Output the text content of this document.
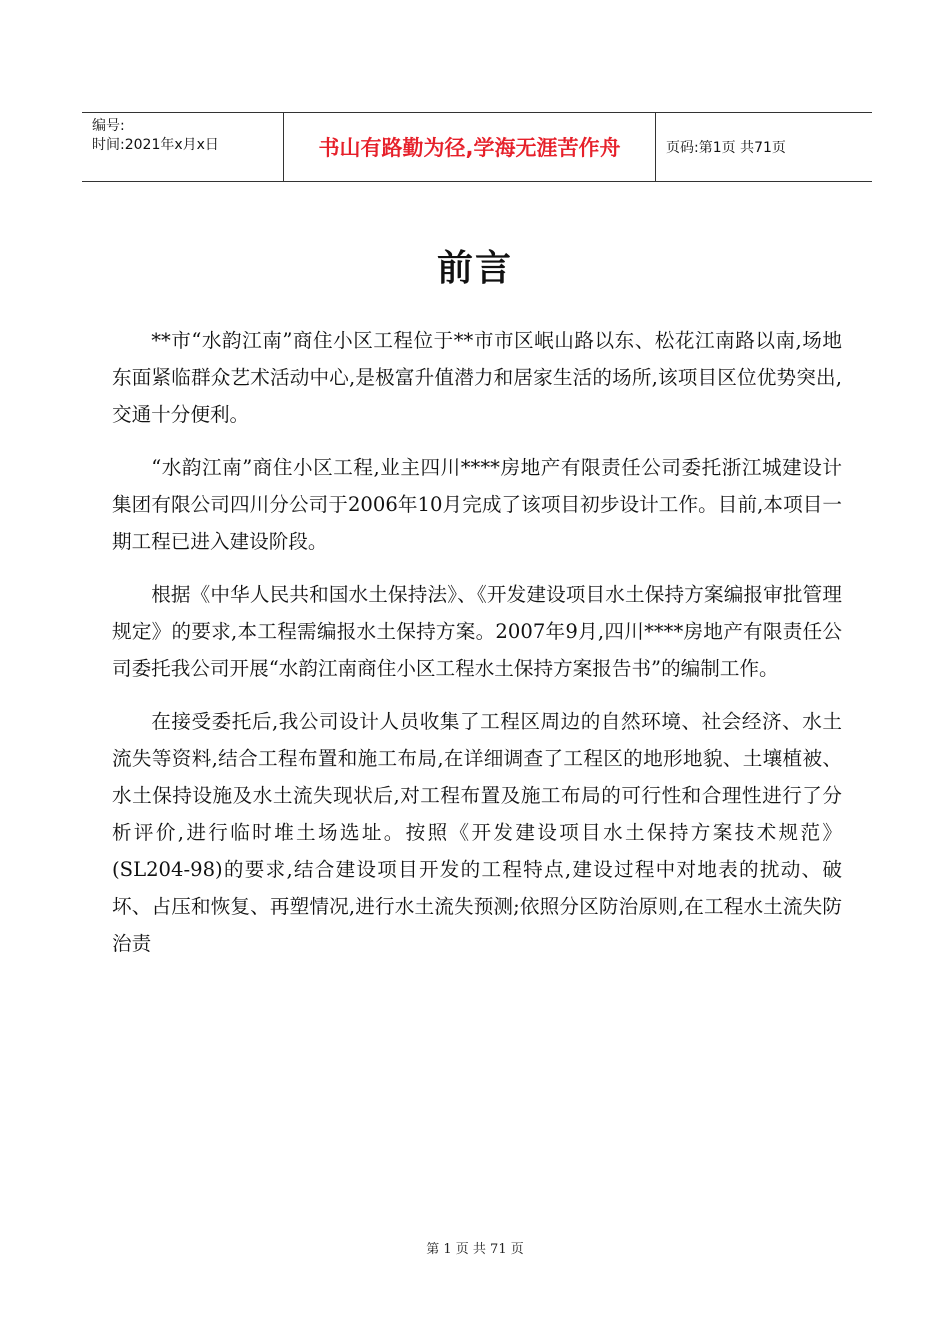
编号:
时间:2021年x月x日	书山有路勤为径,学海无涯苦作舟	页码:第1页 共71页
前言

**市“水韵江南”商住小区工程位于**市市区岷山路以东、松花江南路以南,场地东面紧临群众艺术活动中心,是极富升值潜力和居家生活的场所,该项目区位优势突出,交通十分便利。

“水韵江南”商住小区工程,业主四川****房地产有限责任公司委托浙江城建设计集团有限公司四川分公司于2006年10月完成了该项目初步设计工作。目前,本项目一期工程已进入建设阶段。

根据《中华人民共和国水土保持法》、《开发建设项目水土保持方案编报审批管理规定》的要求,本工程需编报水土保持方案。2007年9月,四川****房地产有限责任公司委托我公司开展“水韵江南商住小区工程水土保持方案报告书”的编制工作。

在接受委托后,我公司设计人员收集了工程区周边的自然环境、社会经济、水土流失等资料,结合工程布置和施工布局,在详细调查了工程区的地形地貌、土壤植被、水土保持设施及水土流失现状后,对工程布置及施工布局的可行性和合理性进行了分析评价,进行临时堆土场选址。按照《开发建设项目水土保持方案技术规范》(SL204-98)的要求,结合建设项目开发的工程特点,建设过程中对地表的扰动、破坏、占压和恢复、再塑情况,进行水土流失预测;依照分区防治原则,在工程水土流失防治责

第 1 页 共 71 页
